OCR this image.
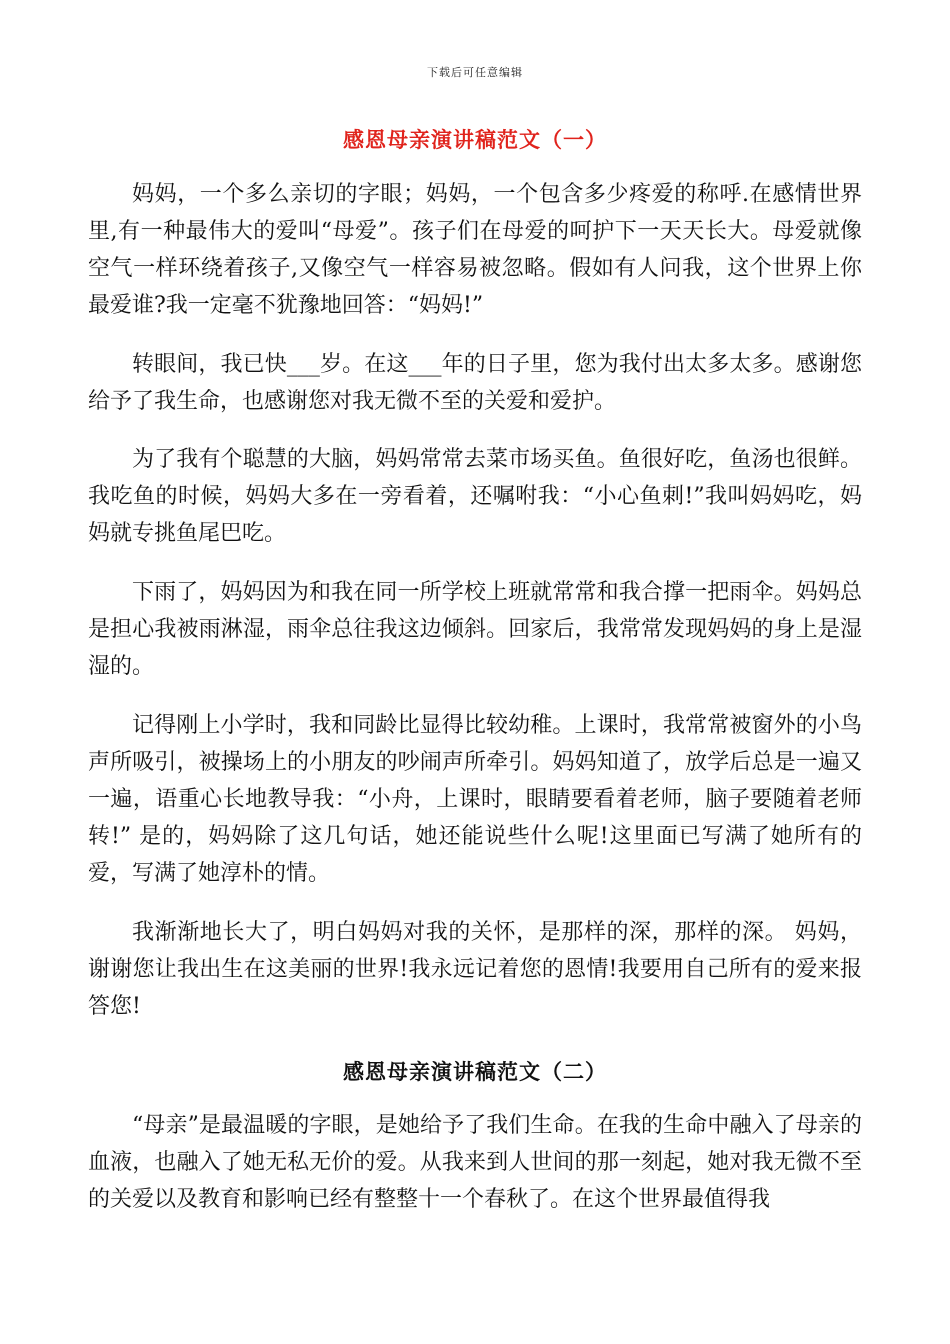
下载后可任意编辑
感恩母亲演讲稿范文（一）

妈妈，一个多么亲切的字眼；妈妈，一个包含多少疼爱的称呼.在感情世界里,有一种最伟大的爱叫“母爱”。孩子们在母爱的呵护下一天天长大。母爱就像空气一样环绕着孩子,又像空气一样容易被忽略。假如有人问我，这个世界上你最爱谁?我一定毫不犹豫地回答：“妈妈!”

转眼间，我已快___岁。在这___年的日子里，您为我付出太多太多。感谢您给予了我生命，也感谢您对我无微不至的关爱和爱护。

为了我有个聪慧的大脑，妈妈常常去菜市场买鱼。鱼很好吃，鱼汤也很鲜。我吃鱼的时候，妈妈大多在一旁看着，还嘱咐我：“小心鱼刺!”我叫妈妈吃，妈妈就专挑鱼尾巴吃。

下雨了，妈妈因为和我在同一所学校上班就常常和我合撑一把雨伞。妈妈总是担心我被雨淋湿，雨伞总往我这边倾斜。回家后，我常常发现妈妈的身上是湿湿的。

记得刚上小学时，我和同龄比显得比较幼稚。上课时，我常常被窗外的小鸟声所吸引，被操场上的小朋友的吵闹声所牵引。妈妈知道了，放学后总是一遍又一遍，语重心长地教导我：“小舟，上课时，眼睛要看着老师，脑子要随着老师转!” 是的，妈妈除了这几句话，她还能说些什么呢!这里面已写满了她所有的爱，写满了她淳朴的情。

我渐渐地长大了，明白妈妈对我的关怀，是那样的深，那样的深。 妈妈，谢谢您让我出生在这美丽的世界!我永远记着您的恩情!我要用自己所有的爱来报答您!

感恩母亲演讲稿范文（二）

“母亲”是最温暖的字眼，是她给予了我们生命。在我的生命中融入了母亲的血液，也融入了她无私无价的爱。从我来到人世间的那一刻起，她对我无微不至的关爱以及教育和影响已经有整整十一个春秋了。在这个世界最值得我
